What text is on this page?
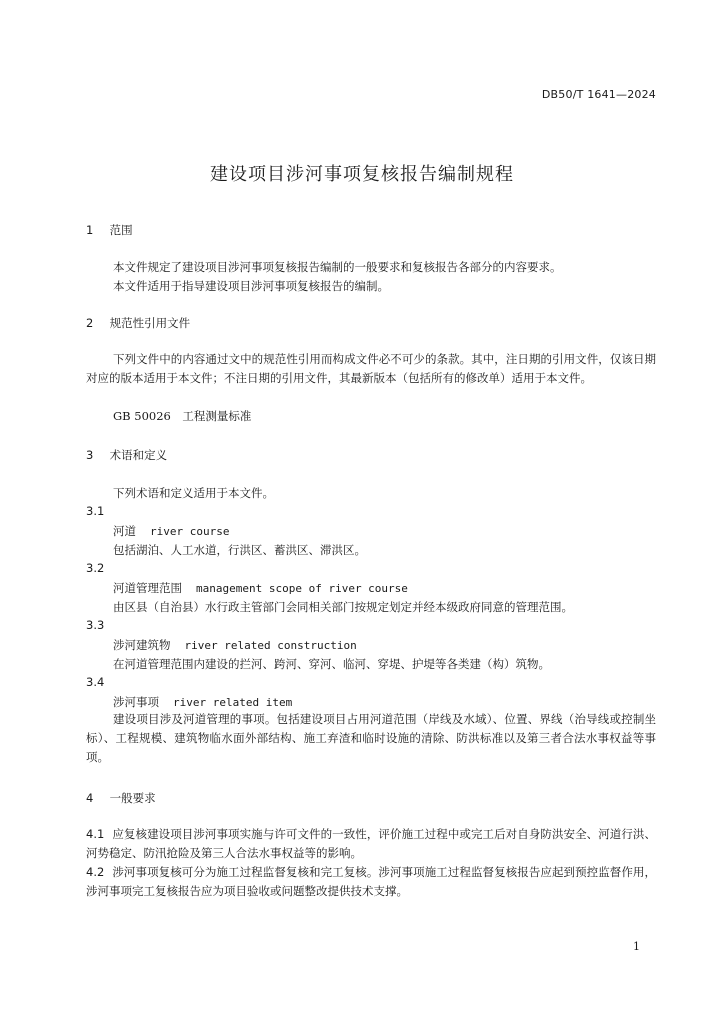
DB50/T 1641—2024
建设项目涉河事项复核报告编制规程
1 范围
本文件规定了建设项目涉河事项复核报告编制的一般要求和复核报告各部分的内容要求。
本文件适用于指导建设项目涉河事项复核报告的编制。
2 规范性引用文件
下列文件中的内容通过文中的规范性引用而构成文件必不可少的条款。其中，注日期的引用文件，仅该日期对应的版本适用于本文件；不注日期的引用文件，其最新版本（包括所有的修改单）适用于本文件。
GB 50026　工程测量标准
3 术语和定义
下列术语和定义适用于本文件。
3.1
河道 river course
包括湖泊、人工水道，行洪区、蓄洪区、滞洪区。
3.2
河道管理范围 management scope of river course
由区县（自治县）水行政主管部门会同相关部门按规定划定并经本级政府同意的管理范围。
3.3
涉河建筑物 river related construction
在河道管理范围内建设的拦河、跨河、穿河、临河、穿堤、护堤等各类建（构）筑物。
3.4
涉河事项 river related item
建设项目涉及河道管理的事项。包括建设项目占用河道范围（岸线及水域）、位置、界线（治导线或控制坐标）、工程规模、建筑物临水面外部结构、施工弃渣和临时设施的清除、防洪标准以及第三者合法水事权益等事项。
4 一般要求
4.1 应复核建设项目涉河事项实施与许可文件的一致性，评价施工过程中或完工后对自身防洪安全、河道行洪、河势稳定、防汛抢险及第三人合法水事权益等的影响。
4.2 涉河事项复核可分为施工过程监督复核和完工复核。涉河事项施工过程监督复核报告应起到预控监督作用，涉河事项完工复核报告应为项目验收或问题整改提供技术支撑。
1
